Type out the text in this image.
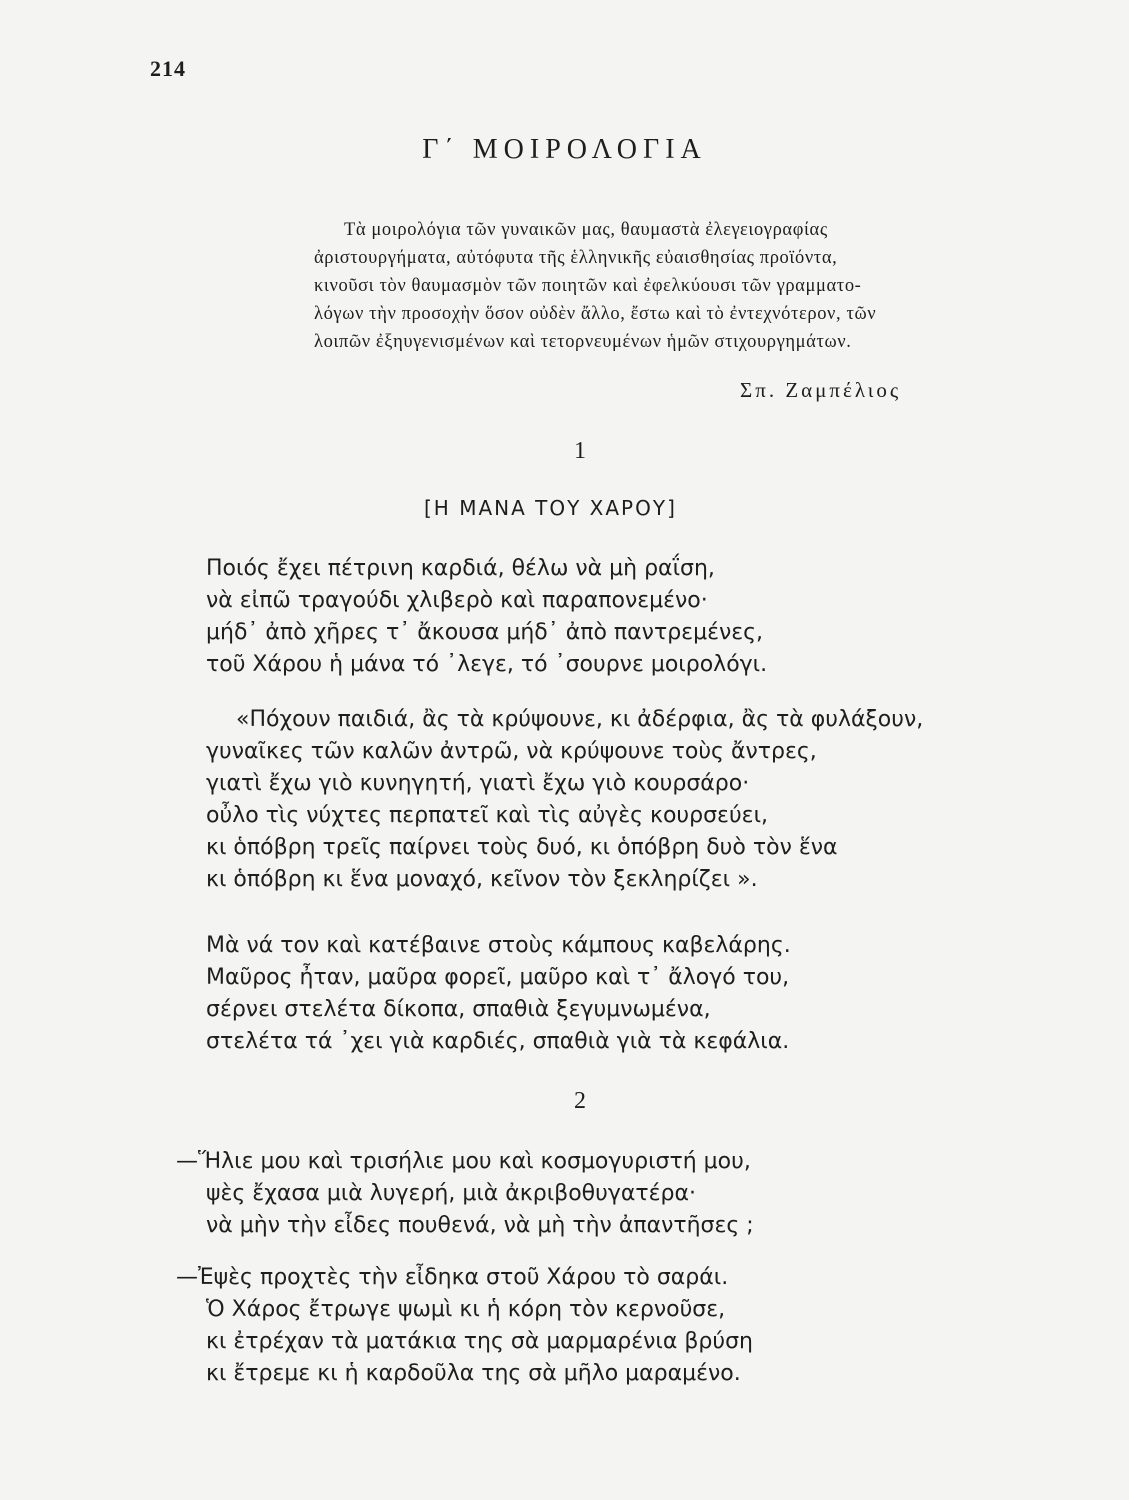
214
Γ΄ ΜΟΙΡΟΛΟΓΙΑ
Τὰ μοιρολόγια τῶν γυναικῶν μας, θαυμαστὰ ἐλεγειογραφίας
ἀριστουργήματα, αὐτόφυτα τῆς ἑλληνικῆς εὐαισθησίας προϊόντα,
κινοῦσι τὸν θαυμασμὸν τῶν ποιητῶν καὶ ἐφελκύουσι τῶν γραμματο-
λόγων τὴν προσοχὴν ὅσον οὐδὲν ἄλλο, ἔστω καὶ τὸ ἐντεχνότερον, τῶν
λοιπῶν ἐξηυγενισμένων καὶ τετορνευμένων ἡμῶν στιχουργημάτων.
Σπ. Ζαμπέλιος
1
[Η ΜΑΝΑ ΤΟΥ ΧΑΡΟΥ]
Ποιός ἔχει πέτρινη καρδιά, θέλω νὰ μὴ ραΐση,
νὰ εἰπῶ τραγούδι χλιβερὸ καὶ παραπονεμένο·
μήδ᾽ ἀπὸ χῆρες τ᾽ ἄκουσα μήδ᾽ ἀπὸ παντρεμένες,
τοῦ Χάρου ἡ μάνα τό ᾽λεγε, τό ᾽σουρνε μοιρολόγι.
«Πόχουν παιδιά, ἂς τὰ κρύψουνε, κι ἀδέρφια, ἂς τὰ φυλάξουν,
γυναῖκες τῶν καλῶν ἀντρῶ, νὰ κρύψουνε τοὺς ἄντρες,
γιατὶ ἔχω γιὸ κυνηγητή, γιατὶ ἔχω γιὸ κουρσάρο·
οὖλο τὶς νύχτες περπατεῖ καὶ τὶς αὐγὲς κουρσεύει,
κι ὁπόβρη τρεῖς παίρνει τοὺς δυό, κι ὁπόβρη δυὸ τὸν ἕνα
κι ὁπόβρη κι ἕνα μοναχό, κεῖνον τὸν ξεκληρίζει ».
Μὰ νά τον καὶ κατέβαινε στοὺς κάμπους καβελάρης.
Μαῦρος ἦταν, μαῦρα φορεῖ, μαῦρο καὶ τ᾽ ἄλογό του,
σέρνει στελέτα δίκοπα, σπαθιὰ ξεγυμνωμένα,
στελέτα τά ᾽χει γιὰ καρδιές, σπαθιὰ γιὰ τὰ κεφάλια.
2
—Ἥλιε μου καὶ τρισήλιε μου καὶ κοσμογυριστή μου,
ψὲς ἔχασα μιὰ λυγερή, μιὰ ἀκριβοθυγατέρα·
νὰ μὴν τὴν εἶδες πουθενά, νὰ μὴ τὴν ἀπαντῆσες ;
—Ἐψὲς προχτὲς τὴν εἶδηκα στοῦ Χάρου τὸ σαράι.
Ὁ Χάρος ἔτρωγε ψωμὶ κι ἡ κόρη τὸν κερνοῦσε,
κι ἐτρέχαν τὰ ματάκια της σὰ μαρμαρένια βρύση
κι ἔτρεμε κι ἡ καρδοῦλα της σὰ μῆλο μαραμένο.
